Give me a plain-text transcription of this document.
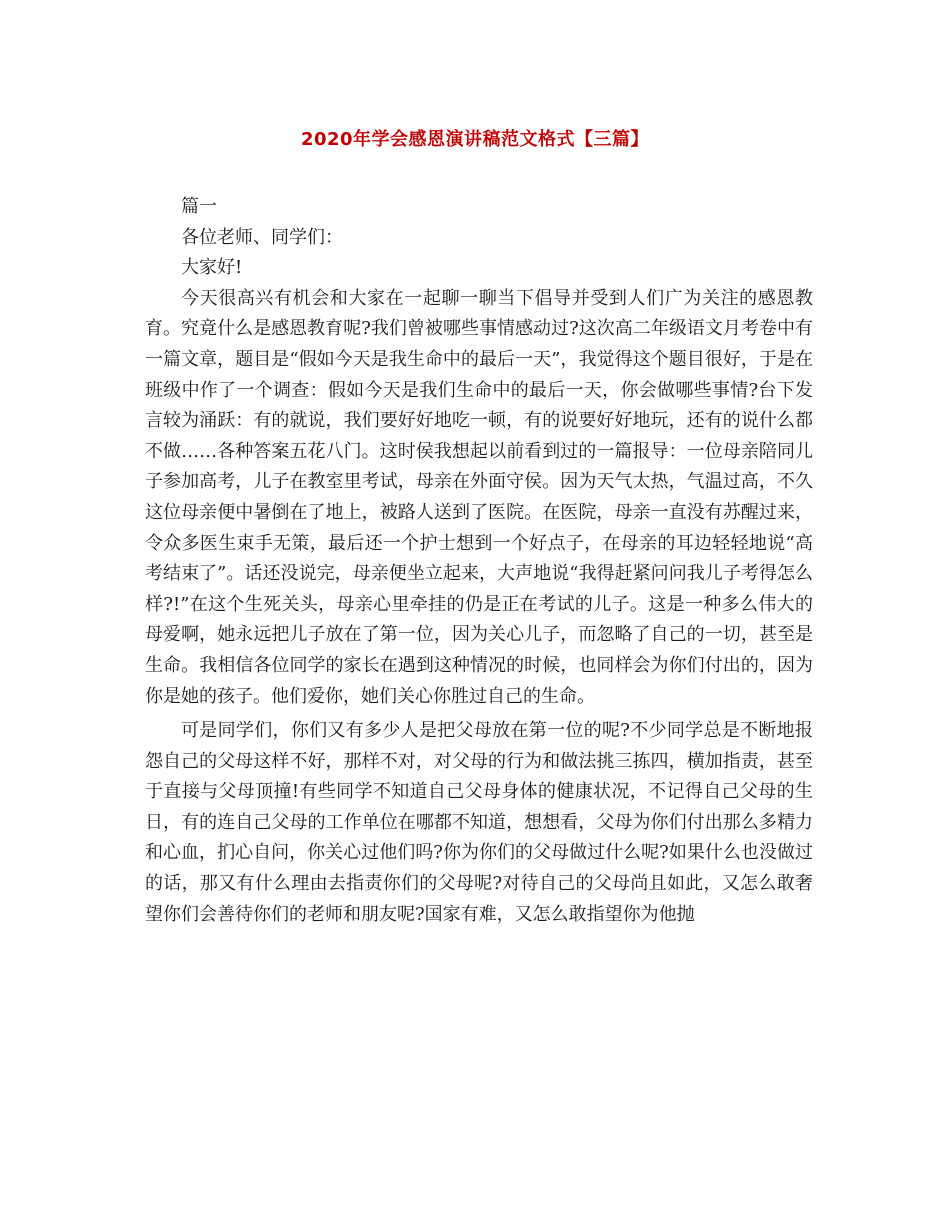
2020年学会感恩演讲稿范文格式【三篇】

篇一

各位老师、同学们：

大家好!

今天很高兴有机会和大家在一起聊一聊当下倡导并受到人们广为关注的感恩教育。究竟什么是感恩教育呢?我们曾被哪些事情感动过?这次高二年级语文月考卷中有一篇文章，题目是“假如今天是我生命中的最后一天”，我觉得这个题目很好，于是在班级中作了一个调查：假如今天是我们生命中的最后一天，你会做哪些事情?台下发言较为涌跃：有的就说，我们要好好地吃一顿，有的说要好好地玩，还有的说什么都不做……各种答案五花八门。这时侯我想起以前看到过的一篇报导：一位母亲陪同儿子参加高考，儿子在教室里考试，母亲在外面守侯。因为天气太热，气温过高，不久这位母亲便中暑倒在了地上，被路人送到了医院。在医院，母亲一直没有苏醒过来，令众多医生束手无策，最后还一个护士想到一个好点子，在母亲的耳边轻轻地说“高考结束了”。话还没说完，母亲便坐立起来，大声地说“我得赶紧问问我儿子考得怎么样?!”在这个生死关头，母亲心里牵挂的仍是正在考试的儿子。这是一种多么伟大的母爱啊，她永远把儿子放在了第一位，因为关心儿子，而忽略了自己的一切，甚至是生命。我相信各位同学的家长在遇到这种情况的时候，也同样会为你们付出的，因为你是她的孩子。他们爱你，她们关心你胜过自己的生命。

可是同学们，你们又有多少人是把父母放在第一位的呢?不少同学总是不断地报怨自己的父母这样不好，那样不对，对父母的行为和做法挑三拣四，横加指责，甚至于直接与父母顶撞!有些同学不知道自己父母身体的健康状况，不记得自己父母的生日，有的连自己父母的工作单位在哪都不知道，想想看，父母为你们付出那么多精力和心血，扪心自问，你关心过他们吗?你为你们的父母做过什么呢?如果什么也没做过的话，那又有什么理由去指责你们的父母呢?对待自己的父母尚且如此，又怎么敢奢望你们会善待你们的老师和朋友呢?国家有难，又怎么敢指望你为他抛
